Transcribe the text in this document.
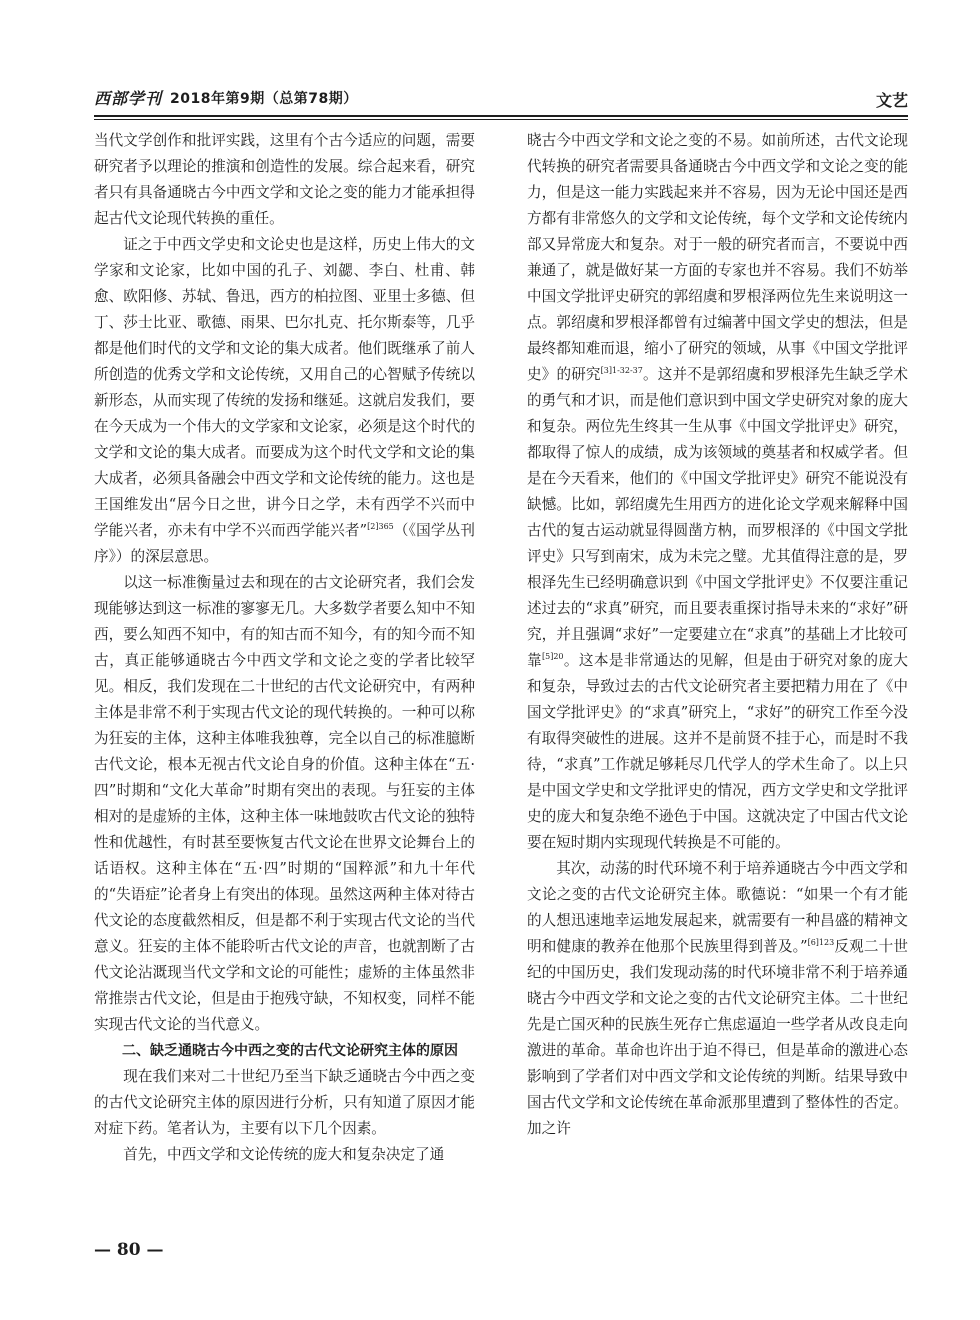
西部学刊 2018年第9期（总第78期）	文艺

当代文学创作和批评实践，这里有个古今适应的问题，需要研究者予以理论的推演和创造性的发展。综合起来看，研究者只有具备通晓古今中西文学和文论之变的能力才能承担得起古代文论现代转换的重任。

证之于中西文学史和文论史也是这样，历史上伟大的文学家和文论家，比如中国的孔子、刘勰、李白、杜甫、韩愈、欧阳修、苏轼、鲁迅，西方的柏拉图、亚里士多德、但丁、莎士比亚、歌德、雨果、巴尔扎克、托尔斯泰等，几乎都是他们时代的文学和文论的集大成者。他们既继承了前人所创造的优秀文学和文论传统，又用自己的心智赋予传统以新形态，从而实现了传统的发扬和继延。这就启发我们，要在今天成为一个伟大的文学家和文论家，必须是这个时代的文学和文论的集大成者。而要成为这个时代文学和文论的集大成者，必须具备融会中西文学和文论传统的能力。这也是王国维发出“居今日之世，讲今日之学，未有西学不兴而中学能兴者，亦未有中学不兴而西学能兴者”$^{[2]365}$（《国学丛刊序》）的深层意思。

以这一标准衡量过去和现在的古文论研究者，我们会发现能够达到这一标准的寥寥无几。大多数学者要么知中不知西，要么知西不知中，有的知古而不知今，有的知今而不知古，真正能够通晓古今中西文学和文论之变的学者比较罕见。相反，我们发现在二十世纪的古代文论研究中，有两种主体是非常不利于实现古代文论的现代转换的。一种可以称为狂妄的主体，这种主体唯我独尊，完全以自己的标准臆断古代文论，根本无视古代文论自身的价值。这种主体在“五·四”时期和“文化大革命”时期有突出的表现。与狂妄的主体相对的是虚矫的主体，这种主体一味地鼓吹古代文论的独特性和优越性，有时甚至要恢复古代文论在世界文论舞台上的话语权。这种主体在“五·四”时期的“国粹派”和九十年代的“失语症”论者身上有突出的体现。虽然这两种主体对待古代文论的态度截然相反，但是都不利于实现古代文论的当代意义。狂妄的主体不能聆听古代文论的声音，也就割断了古代文论沾溉现当代文学和文论的可能性；虚矫的主体虽然非常推崇古代文论，但是由于抱残守缺，不知权变，同样不能实现古代文论的当代意义。

二、缺乏通晓古今中西之变的古代文论研究主体的原因

现在我们来对二十世纪乃至当下缺乏通晓古今中西之变的古代文论研究主体的原因进行分析，只有知道了原因才能对症下药。笔者认为，主要有以下几个因素。

首先，中西文学和文论传统的庞大和复杂决定了通

晓古今中西文学和文论之变的不易。如前所述，古代文论现代转换的研究者需要具备通晓古今中西文学和文论之变的能力，但是这一能力实践起来并不容易，因为无论中国还是西方都有非常悠久的文学和文论传统，每个文学和文论传统内部又异常庞大和复杂。对于一般的研究者而言，不要说中西兼通了，就是做好某一方面的专家也并不容易。我们不妨举中国文学批评史研究的郭绍虞和罗根泽两位先生来说明这一点。郭绍虞和罗根泽都曾有过编著中国文学史的想法，但是最终都知难而退，缩小了研究的领域，从事《中国文学批评史》的研究$^{[3]1-32-37}$。这并不是郭绍虞和罗根泽先生缺乏学术的勇气和才识，而是他们意识到中国文学史研究对象的庞大和复杂。两位先生终其一生从事《中国文学批评史》研究，都取得了惊人的成绩，成为该领域的奠基者和权威学者。但是在今天看来，他们的《中国文学批评史》研究不能说没有缺憾。比如，郭绍虞先生用西方的进化论文学观来解释中国古代的复古运动就显得圆凿方枘，而罗根泽的《中国文学批评史》只写到南宋，成为未完之璧。尤其值得注意的是，罗根泽先生已经明确意识到《中国文学批评史》不仅要注重记述过去的“求真”研究，而且要表重探讨指导未来的“求好”研究，并且强调“求好”一定要建立在“求真”的基础上才比较可靠$^{[5]20}$。这本是非常通达的见解，但是由于研究对象的庞大和复杂，导致过去的古代文论研究者主要把精力用在了《中国文学批评史》的“求真”研究上，“求好”的研究工作至今没有取得突破性的进展。这并不是前贤不挂于心，而是时不我待，“求真”工作就足够耗尽几代学人的学术生命了。以上只是中国文学史和文学批评史的情况，西方文学史和文学批评史的庞大和复杂绝不逊色于中国。这就决定了中国古代文论要在短时期内实现现代转换是不可能的。

其次，动荡的时代环境不利于培养通晓古今中西文学和文论之变的古代文论研究主体。歌德说：“如果一个有才能的人想迅速地幸运地发展起来，就需要有一种昌盛的精神文明和健康的教养在他那个民族里得到普及。”$^{[6]123}$反观二十世纪的中国历史，我们发现动荡的时代环境非常不利于培养通晓古今中西文学和文论之变的古代文论研究主体。二十世纪先是亡国灭种的民族生死存亡焦虑逼迫一些学者从改良走向激进的革命。革命也许出于迫不得已，但是革命的激进心态影响到了学者们对中西文学和文论传统的判断。结果导致中国古代文学和文论传统在革命派那里遭到了整体性的否定。加之许

— 80 —
